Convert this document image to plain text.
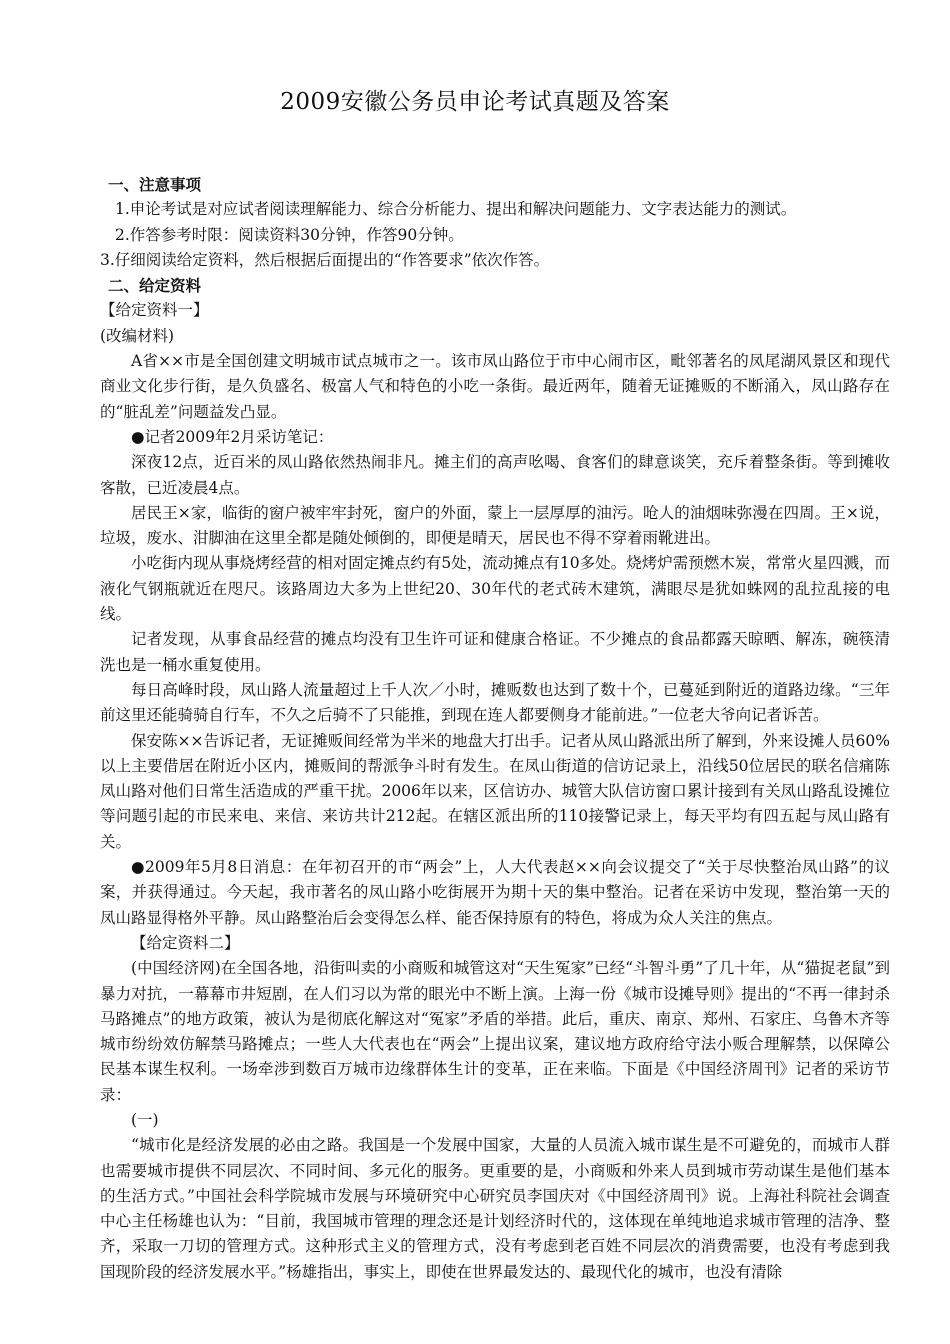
2009安徽公务员申论考试真题及答案

一、注意事项

1.申论考试是对应试者阅读理解能力、综合分析能力、提出和解决问题能力、文字表达能力的测试。

2.作答参考时限：阅读资料30分钟，作答90分钟。

3.仔细阅读给定资料，然后根据后面提出的“作答要求”依次作答。

二、给定资料

【给定资料一】

(改编材料)

A省××市是全国创建文明城市试点城市之一。该市凤山路位于市中心闹市区，毗邻著名的凤尾湖风景区和现代商业文化步行街，是久负盛名、极富人气和特色的小吃一条街。最近两年，随着无证摊贩的不断涌入，凤山路存在的“脏乱差”问题益发凸显。

●记者2009年2月采访笔记：

深夜12点，近百米的凤山路依然热闹非凡。摊主们的高声吆喝、食客们的肆意谈笑，充斥着整条街。等到摊收客散，已近凌晨4点。

居民王×家，临街的窗户被牢牢封死，窗户的外面，蒙上一层厚厚的油污。呛人的油烟味弥漫在四周。王×说，垃圾，废水、泔脚油在这里全都是随处倾倒的，即便是晴天，居民也不得不穿着雨靴进出。

小吃街内现从事烧烤经营的相对固定摊点约有5处，流动摊点有10多处。烧烤炉需预燃木炭，常常火星四溅，而液化气钢瓶就近在咫尺。该路周边大多为上世纪20、30年代的老式砖木建筑，满眼尽是犹如蛛网的乱拉乱接的电线。

记者发现，从事食品经营的摊点均没有卫生许可证和健康合格证。不少摊点的食品都露天晾晒、解冻，碗筷清洗也是一桶水重复使用。

每日高峰时段，凤山路人流量超过上千人次／小时，摊贩数也达到了数十个，已蔓延到附近的道路边缘。“三年前这里还能骑骑自行车，不久之后骑不了只能推，到现在连人都要侧身才能前进。”一位老大爷向记者诉苦。

保安陈××告诉记者，无证摊贩间经常为半米的地盘大打出手。记者从凤山路派出所了解到，外来设摊人员60%以上主要借居在附近小区内，摊贩间的帮派争斗时有发生。在凤山街道的信访记录上，沿线50位居民的联名信痛陈凤山路对他们日常生活造成的严重干扰。2006年以来，区信访办、城管大队信访窗口累计接到有关凤山路乱设摊位等问题引起的市民来电、来信、来访共计212起。在辖区派出所的110接警记录上，每天平均有四五起与凤山路有关。

●2009年5月8日消息：在年初召开的市“两会”上，人大代表赵××向会议提交了“关于尽快整治凤山路”的议案，并获得通过。今天起，我市著名的凤山路小吃街展开为期十天的集中整治。记者在采访中发现，整治第一天的凤山路显得格外平静。凤山路整治后会变得怎么样、能否保持原有的特色，将成为众人关注的焦点。

【给定资料二】

(中国经济网)在全国各地，沿街叫卖的小商贩和城管这对“天生冤家”已经“斗智斗勇”了几十年，从“猫捉老鼠”到暴力对抗，一幕幕市井短剧，在人们习以为常的眼光中不断上演。上海一份《城市设摊导则》提出的“不再一律封杀马路摊点”的地方政策，被认为是彻底化解这对“冤家”矛盾的举措。此后，重庆、南京、郑州、石家庄、乌鲁木齐等城市纷纷效仿解禁马路摊点；一些人大代表也在“两会”上提出议案，建议地方政府给守法小贩合理解禁，以保障公民基本谋生权利。一场牵涉到数百万城市边缘群体生计的变革，正在来临。下面是《中国经济周刊》记者的采访节录：

(一)

“城市化是经济发展的必由之路。我国是一个发展中国家，大量的人员流入城市谋生是不可避免的，而城市人群也需要城市提供不同层次、不同时间、多元化的服务。更重要的是，小商贩和外来人员到城市劳动谋生是他们基本的生活方式。”中国社会科学院城市发展与环境研究中心研究员李国庆对《中国经济周刊》说。上海社科院社会调查中心主任杨雄也认为：“目前，我国城市管理的理念还是计划经济时代的，这体现在单纯地追求城市管理的洁净、整齐，采取一刀切的管理方式。这种形式主义的管理方式，没有考虑到老百姓不同层次的消费需要，也没有考虑到我国现阶段的经济发展水平。”杨雄指出，事实上，即使在世界最发达的、最现代化的城市，也没有清除
